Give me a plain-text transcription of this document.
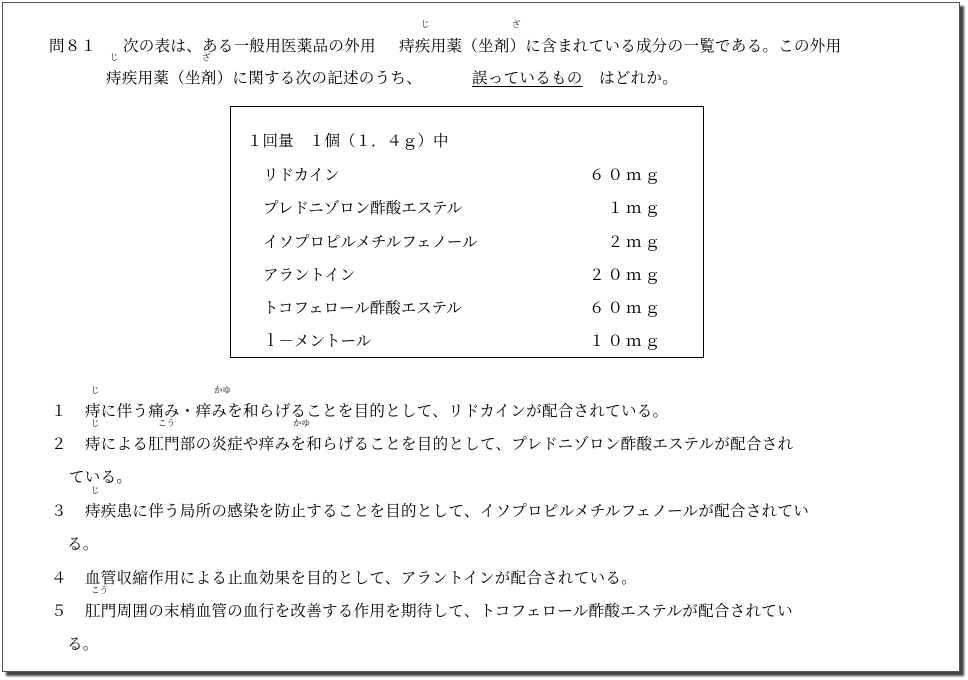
問８１
じ	ざ
次の表は、ある一般用医薬品の外用 痔疾用薬（坐剤）に含まれている成分の一覧である。この外用
じ	ざ
痔疾用薬（坐剤）に関する次の記述のうち、	誤っているもの はどれか。
１回量　１個（１．４ｇ）中
リドカイン	６０ｍｇ
プレドニゾロン酢酸エステル	１ｍｇ
イソプロピルメチルフェノール	２ｍｇ
アラントイン	２０ｍｇ
トコフェロール酢酸エステル	６０ｍｇ
ｌ－メントール	１０ｍｇ
じ	かゆ
１ 痔に伴う痛み・痒みを和らげることを目的として、リドカインが配合されている。
じ	こう	かゆ
２ 痔による肛門部の炎症や痒みを和らげることを目的として、プレドニゾロン酢酸エステルが配合され
ている。
じ
３ 痔疾患に伴う局所の感染を防止することを目的として、イソプロピルメチルフェノールが配合されてい
る。
４ 血管収縮作用による止血効果を目的として、アラントインが配合されている。
こう
５ 肛門周囲の末梢血管の血行を改善する作用を期待して、トコフェロール酢酸エステルが配合されてい
る。
